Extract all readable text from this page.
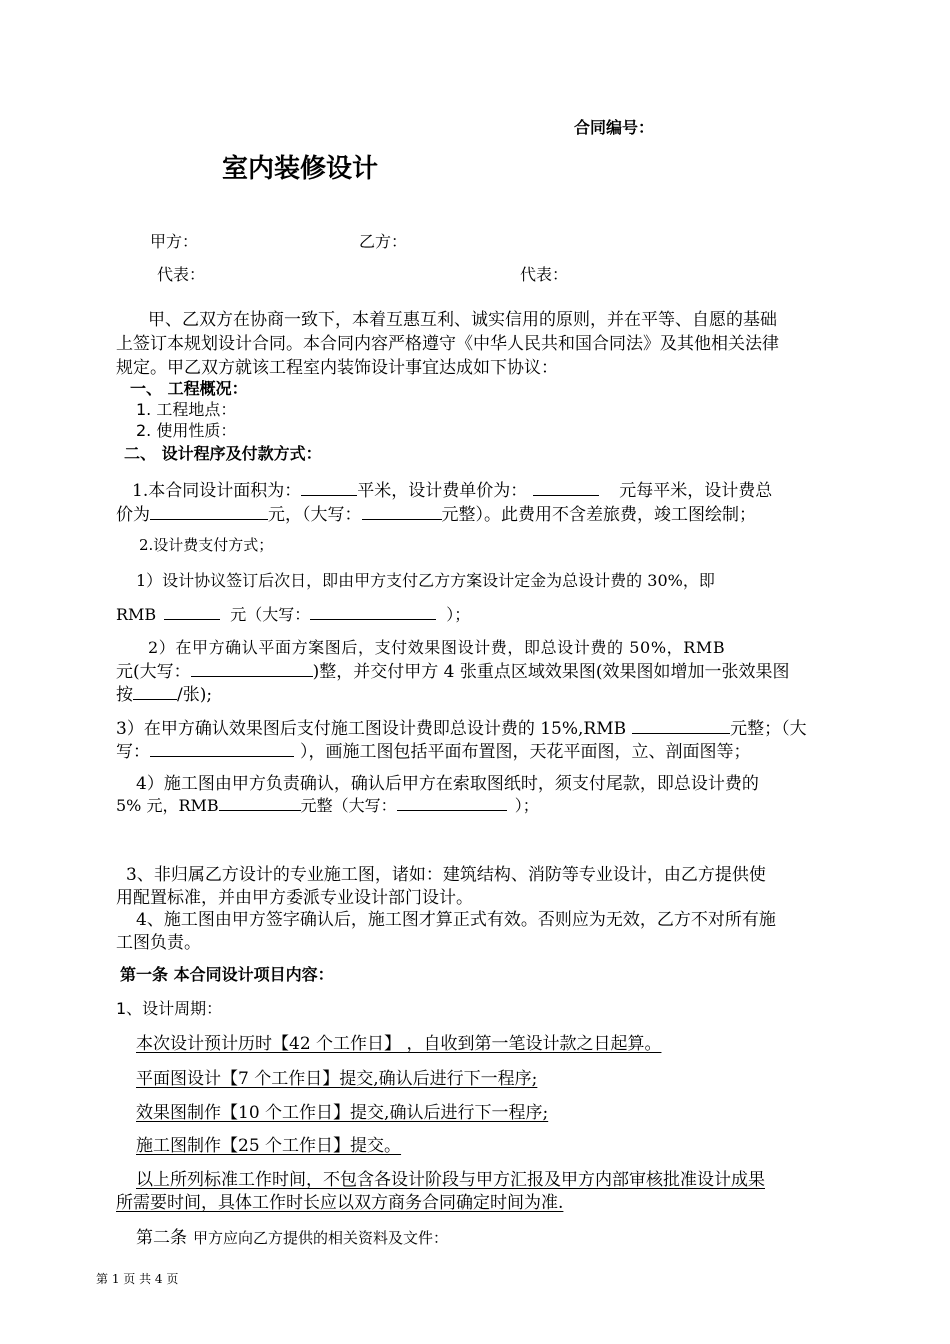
合同编号：
室内装修设计
甲方：	乙方：
代表：	代表：
甲、乙双方在协商一致下，本着互惠互利、诚实信用的原则，并在平等、自愿的基础
上签订本规划设计合同。本合同内容严格遵守《中华人民共和国合同法》及其他相关法律
规定。甲乙双方就该工程室内装饰设计事宜达成如下协议：
一、 工程概况：
1. 工程地点：
2. 使用性质：
二、 设计程序及付款方式：
1.本合同设计面积为：	平米，设计费单价为：	元每平米，设计费总
价为	元，（大写：	元整）。此费用不含差旅费，竣工图绘制；
2.设计费支付方式；
1）设计协议签订后次日，即由甲方支付乙方方案设计定金为总设计费的 30%，即
RMB	元（大写：	）；
2）在甲方确认平面方案图后，支付效果图设计费，即总设计费的 50%，RMB
元(大写：	)整，并交付甲方 4 张重点区域效果图(效果图如增加一张效果图
按	/张);
3）在甲方确认效果图后支付施工图设计费即总设计费的 15%,RMB	元整；（大
写：	），画施工图包括平面布置图，天花平面图，立、剖面图等；
4）施工图由甲方负责确认，确认后甲方在索取图纸时，须支付尾款，即总设计费的
5% 元，RMB	元整（大写：	）；
3、非归属乙方设计的专业施工图，诸如：建筑结构、消防等专业设计，由乙方提供使
用配置标准，并由甲方委派专业设计部门设计。
4、施工图由甲方签字确认后，施工图才算正式有效。否则应为无效，乙方不对所有施
工图负责。
第一条 本合同设计项目内容：
1、设计周期：
本次设计预计历时【42 个工作日】 ，自收到第一笔设计款之日起算。
平面图设计【7 个工作日】提交,确认后进行下一程序;
效果图制作【10 个工作日】提交,确认后进行下一程序;
施工图制作【25 个工作日】提交。
以上所列标准工作时间，不包含各设计阶段与甲方汇报及甲方内部审核批准设计成果
所需要时间，具体工作时长应以双方商务合同确定时间为准.
第二条 甲方应向乙方提供的相关资料及文件：
第 1 页 共 4 页
